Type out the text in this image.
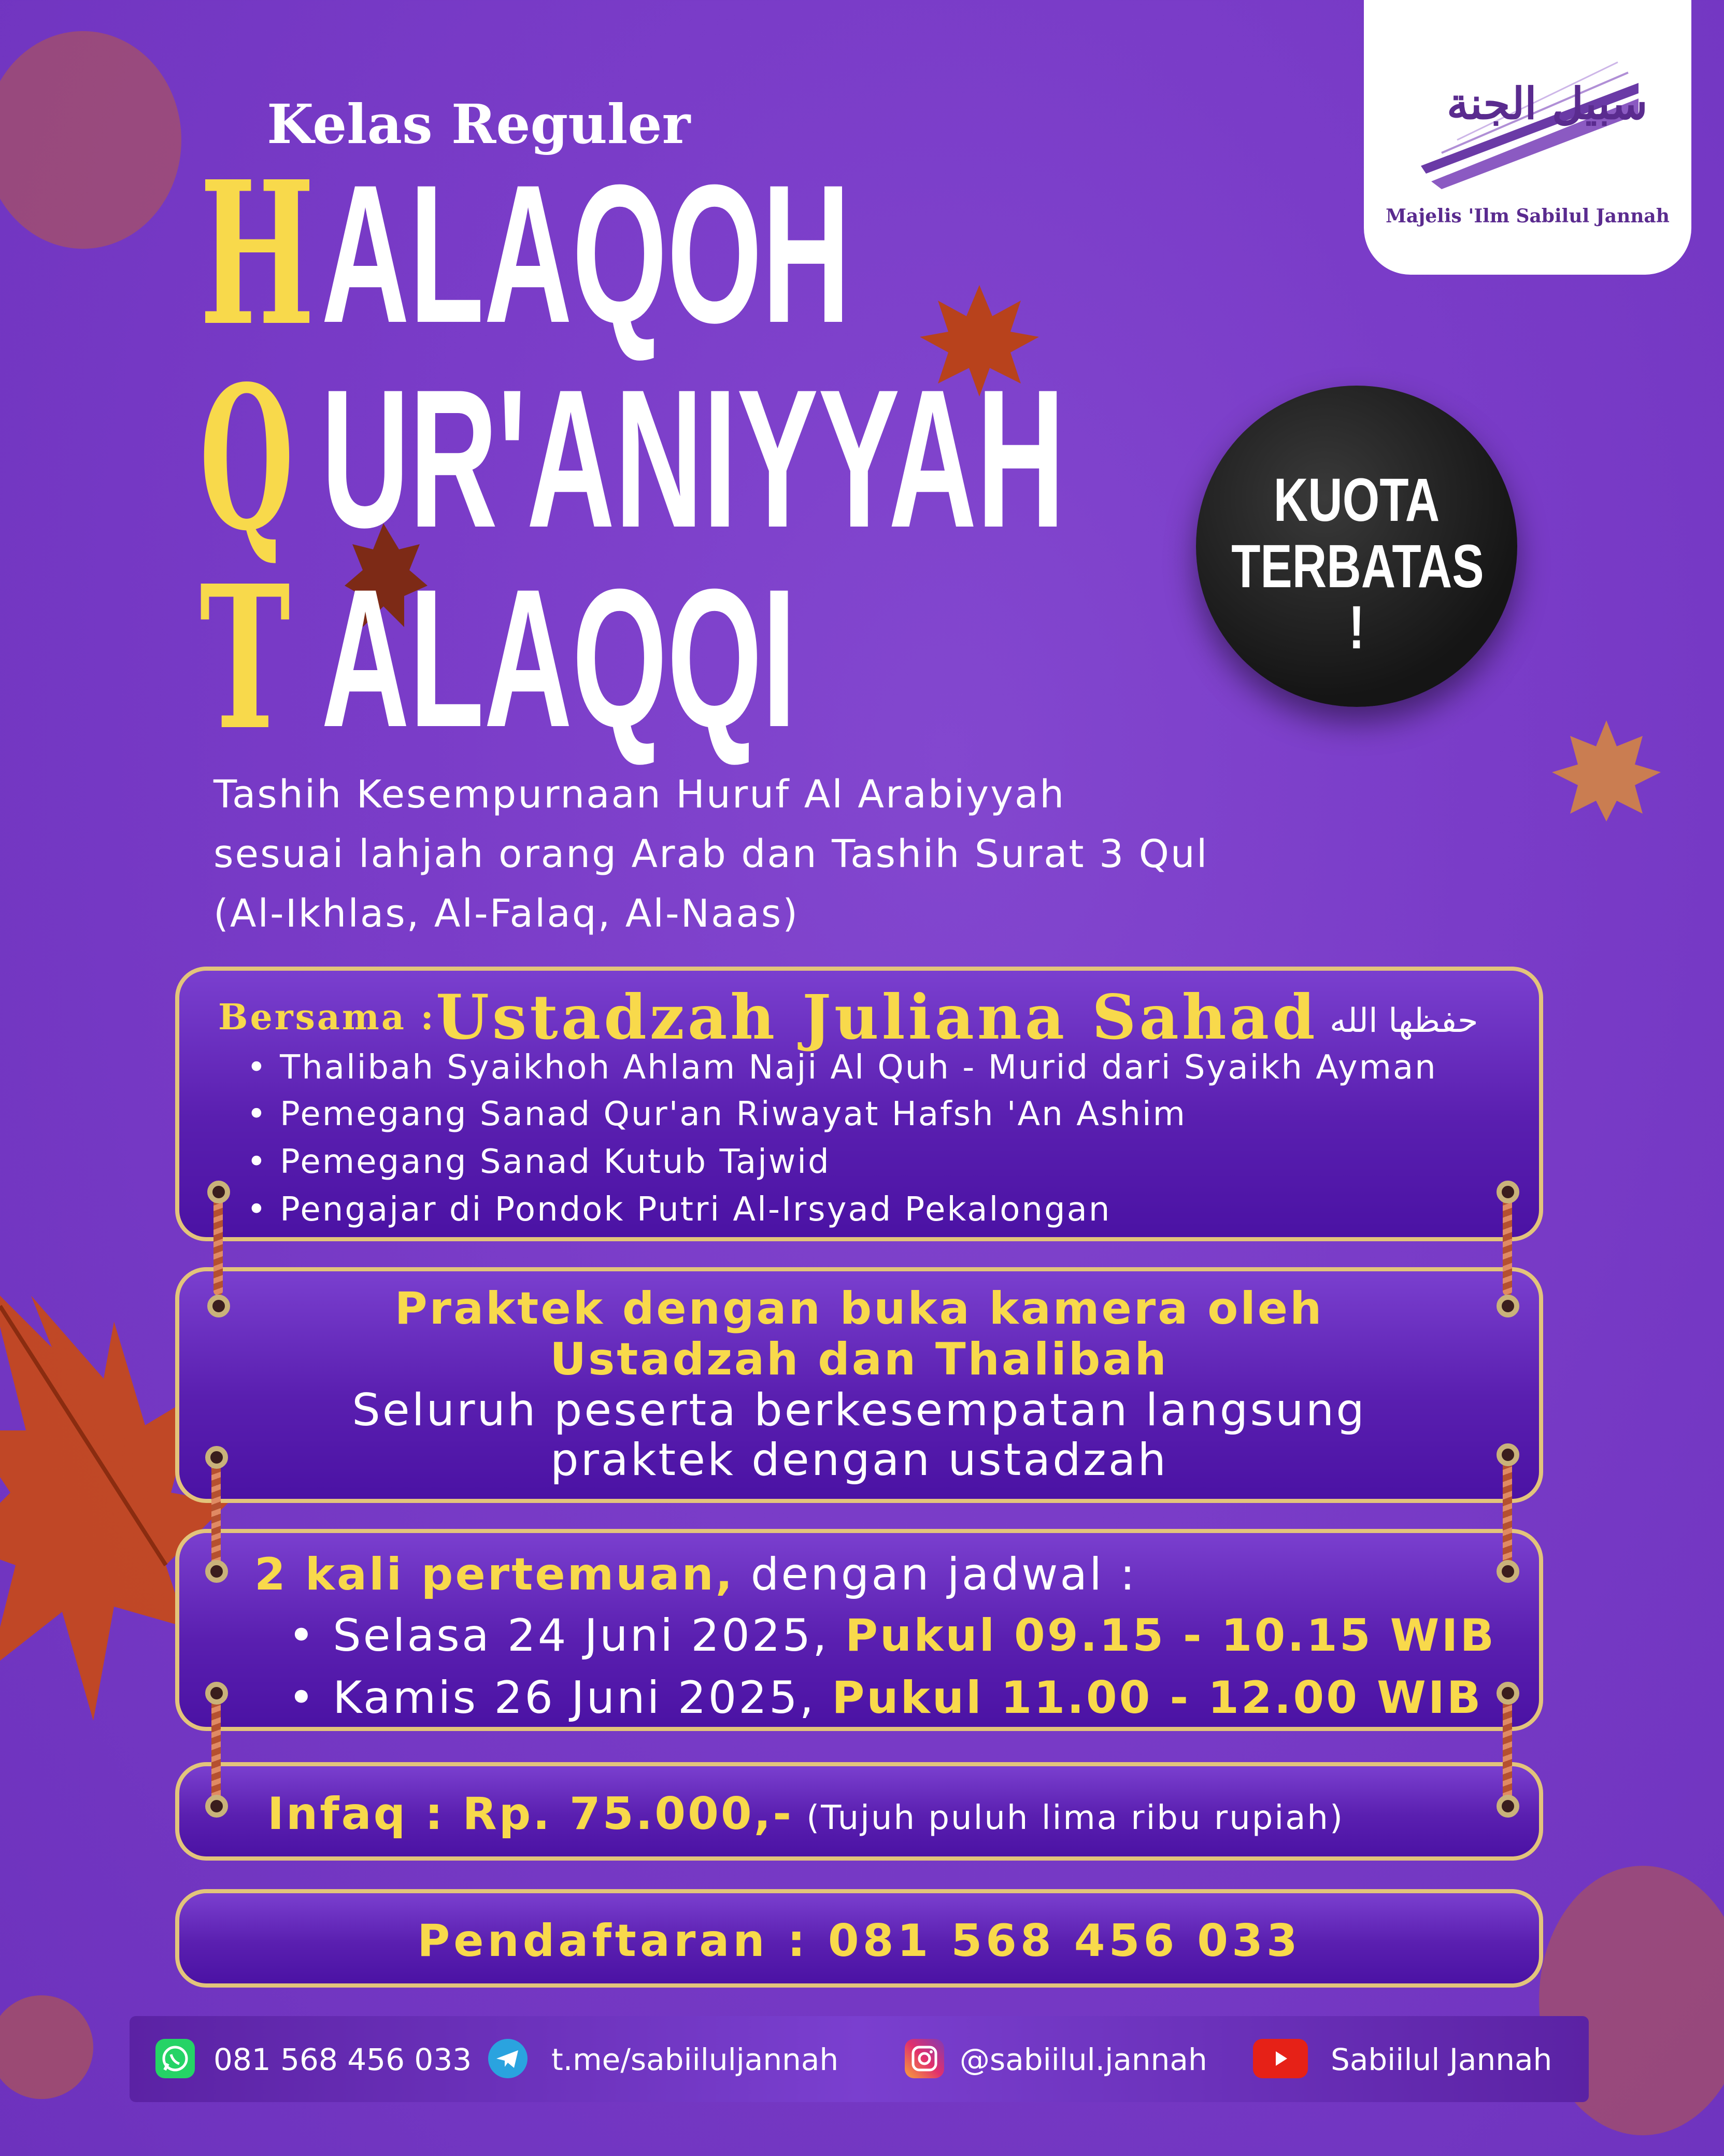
سبيل الجنة
Majelis 'Ilm Sabilul Jannah
Kelas Reguler
H ALAQOH
Q UR'ANIYYAH
T ALAQQI
KUOTA
TERBATAS !
Tashih Kesempurnaan Huruf Al Arabiyyah
sesuai lahjah orang Arab dan Tashih Surat 3 Qul
(Al-Ikhlas, Al-Falaq, Al-Naas)
Bersama : Ustadzah Juliana Sahad حفظها الله
• Thalibah Syaikhoh Ahlam Naji Al Quh - Murid dari Syaikh Ayman
• Pemegang Sanad Qur'an Riwayat Hafsh 'An Ashim
• Pemegang Sanad Kutub Tajwid
• Pengajar di Pondok Putri Al-Irsyad Pekalongan
Praktek dengan buka kamera oleh
Ustadzah dan Thalibah
Seluruh peserta berkesempatan langsung
praktek dengan ustadzah
2 kali pertemuan, dengan jadwal :
• Selasa 24 Juni 2025, Pukul 09.15 - 10.15 WIB
• Kamis 26 Juni 2025, Pukul 11.00 - 12.00 WIB
Infaq : Rp. 75.000,- (Tujuh puluh lima ribu rupiah)
Pendaftaran : 081 568 456 033
081 568 456 033	t.me/sabiiluljannah	@sabiilul.jannah	Sabiilul Jannah
